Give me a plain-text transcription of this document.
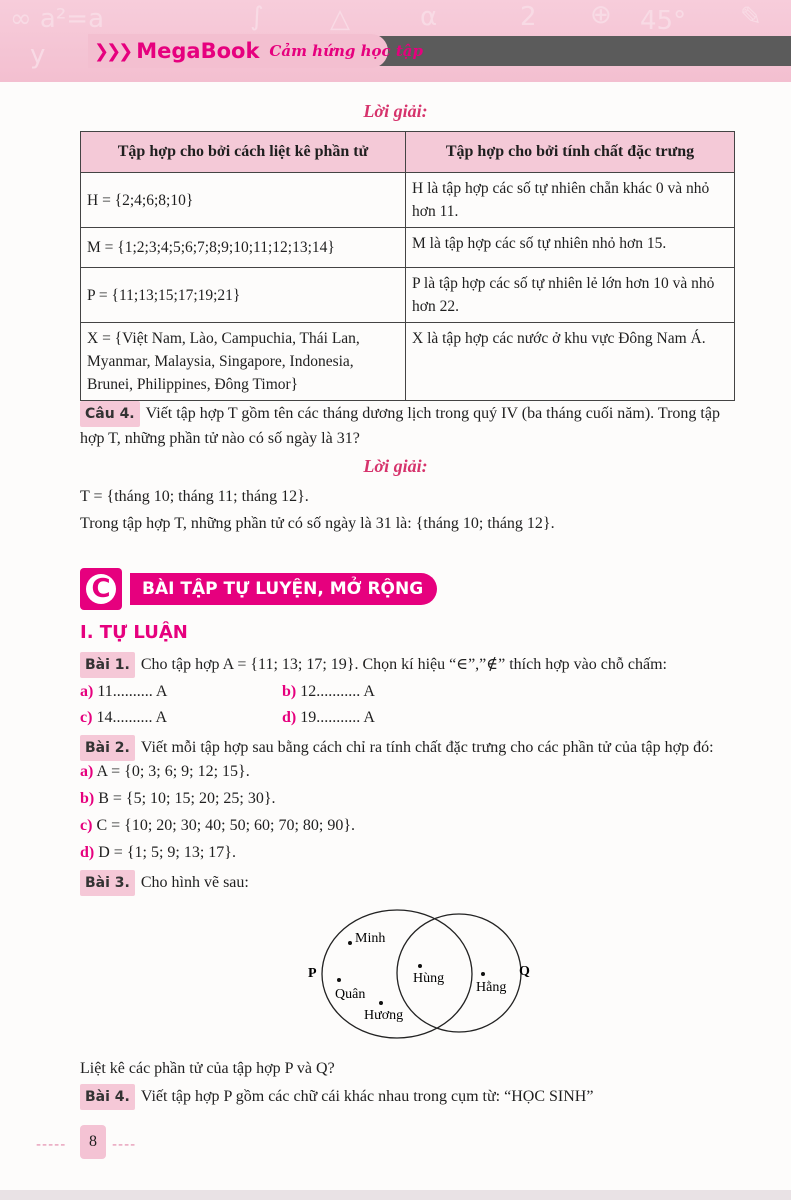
∞ a²=a
y
∫	△	α	45°
2 ⊕	✎
❯❯❯ MegaBook Cảm hứng học tập
Lời giải:
Tập hợp cho bởi cách liệt kê phần tử	Tập hợp cho bởi tính chất đặc trưng
H = {2;4;6;8;10}	H là tập hợp các số tự nhiên chẵn khác 0 và nhỏ hơn 11.
M = {1;2;3;4;5;6;7;8;9;10;11;12;13;14}	M là tập hợp các số tự nhiên nhỏ hơn 15.
P = {11;13;15;17;19;21}	P là tập hợp các số tự nhiên lẻ lớn hơn 10 và nhỏ hơn 22.
X = {Việt Nam, Lào, Campuchia, Thái Lan, Myanmar, Malaysia, Singapore, Indonesia, Brunei, Philippines, Đông Timor}	X là tập hợp các nước ở khu vực Đông Nam Á.
Câu 4. Viết tập hợp T gồm tên các tháng dương lịch trong quý IV (ba tháng cuối năm). Trong tập
hợp T, những phần tử nào có số ngày là 31?
Lời giải:
T = {tháng 10; tháng 11; tháng 12}.
Trong tập hợp T, những phần tử có số ngày là 31 là: {tháng 10; tháng 12}.
C	BÀI TẬP TỰ LUYỆN, MỞ RỘNG
I. TỰ LUẬN
Bài 1. Cho tập hợp A = {11; 13; 17; 19}. Chọn kí hiệu “∈”,”∉” thích hợp vào chỗ chấm:
a) 11.......... A	b) 12........... A
c) 14.......... A	d) 19........... A
Bài 2. Viết mỗi tập hợp sau bằng cách chỉ ra tính chất đặc trưng cho các phần tử của tập hợp đó:
a) A = {0; 3; 6; 9; 12; 15}.
b) B = {5; 10; 15; 20; 25; 30}.
c) C = {10; 20; 30; 40; 50; 60; 70; 80; 90}.
d) D = {1; 5; 9; 13; 17}.
Bài 3. Cho hình vẽ sau:
P	Q
Minh
Quân
Hương
Hùng
Hằng
Liệt kê các phần tử của tập hợp P và Q?
Bài 4. Viết tập hợp P gồm các chữ cái khác nhau trong cụm từ: “HỌC SINH”
-----	8	----
